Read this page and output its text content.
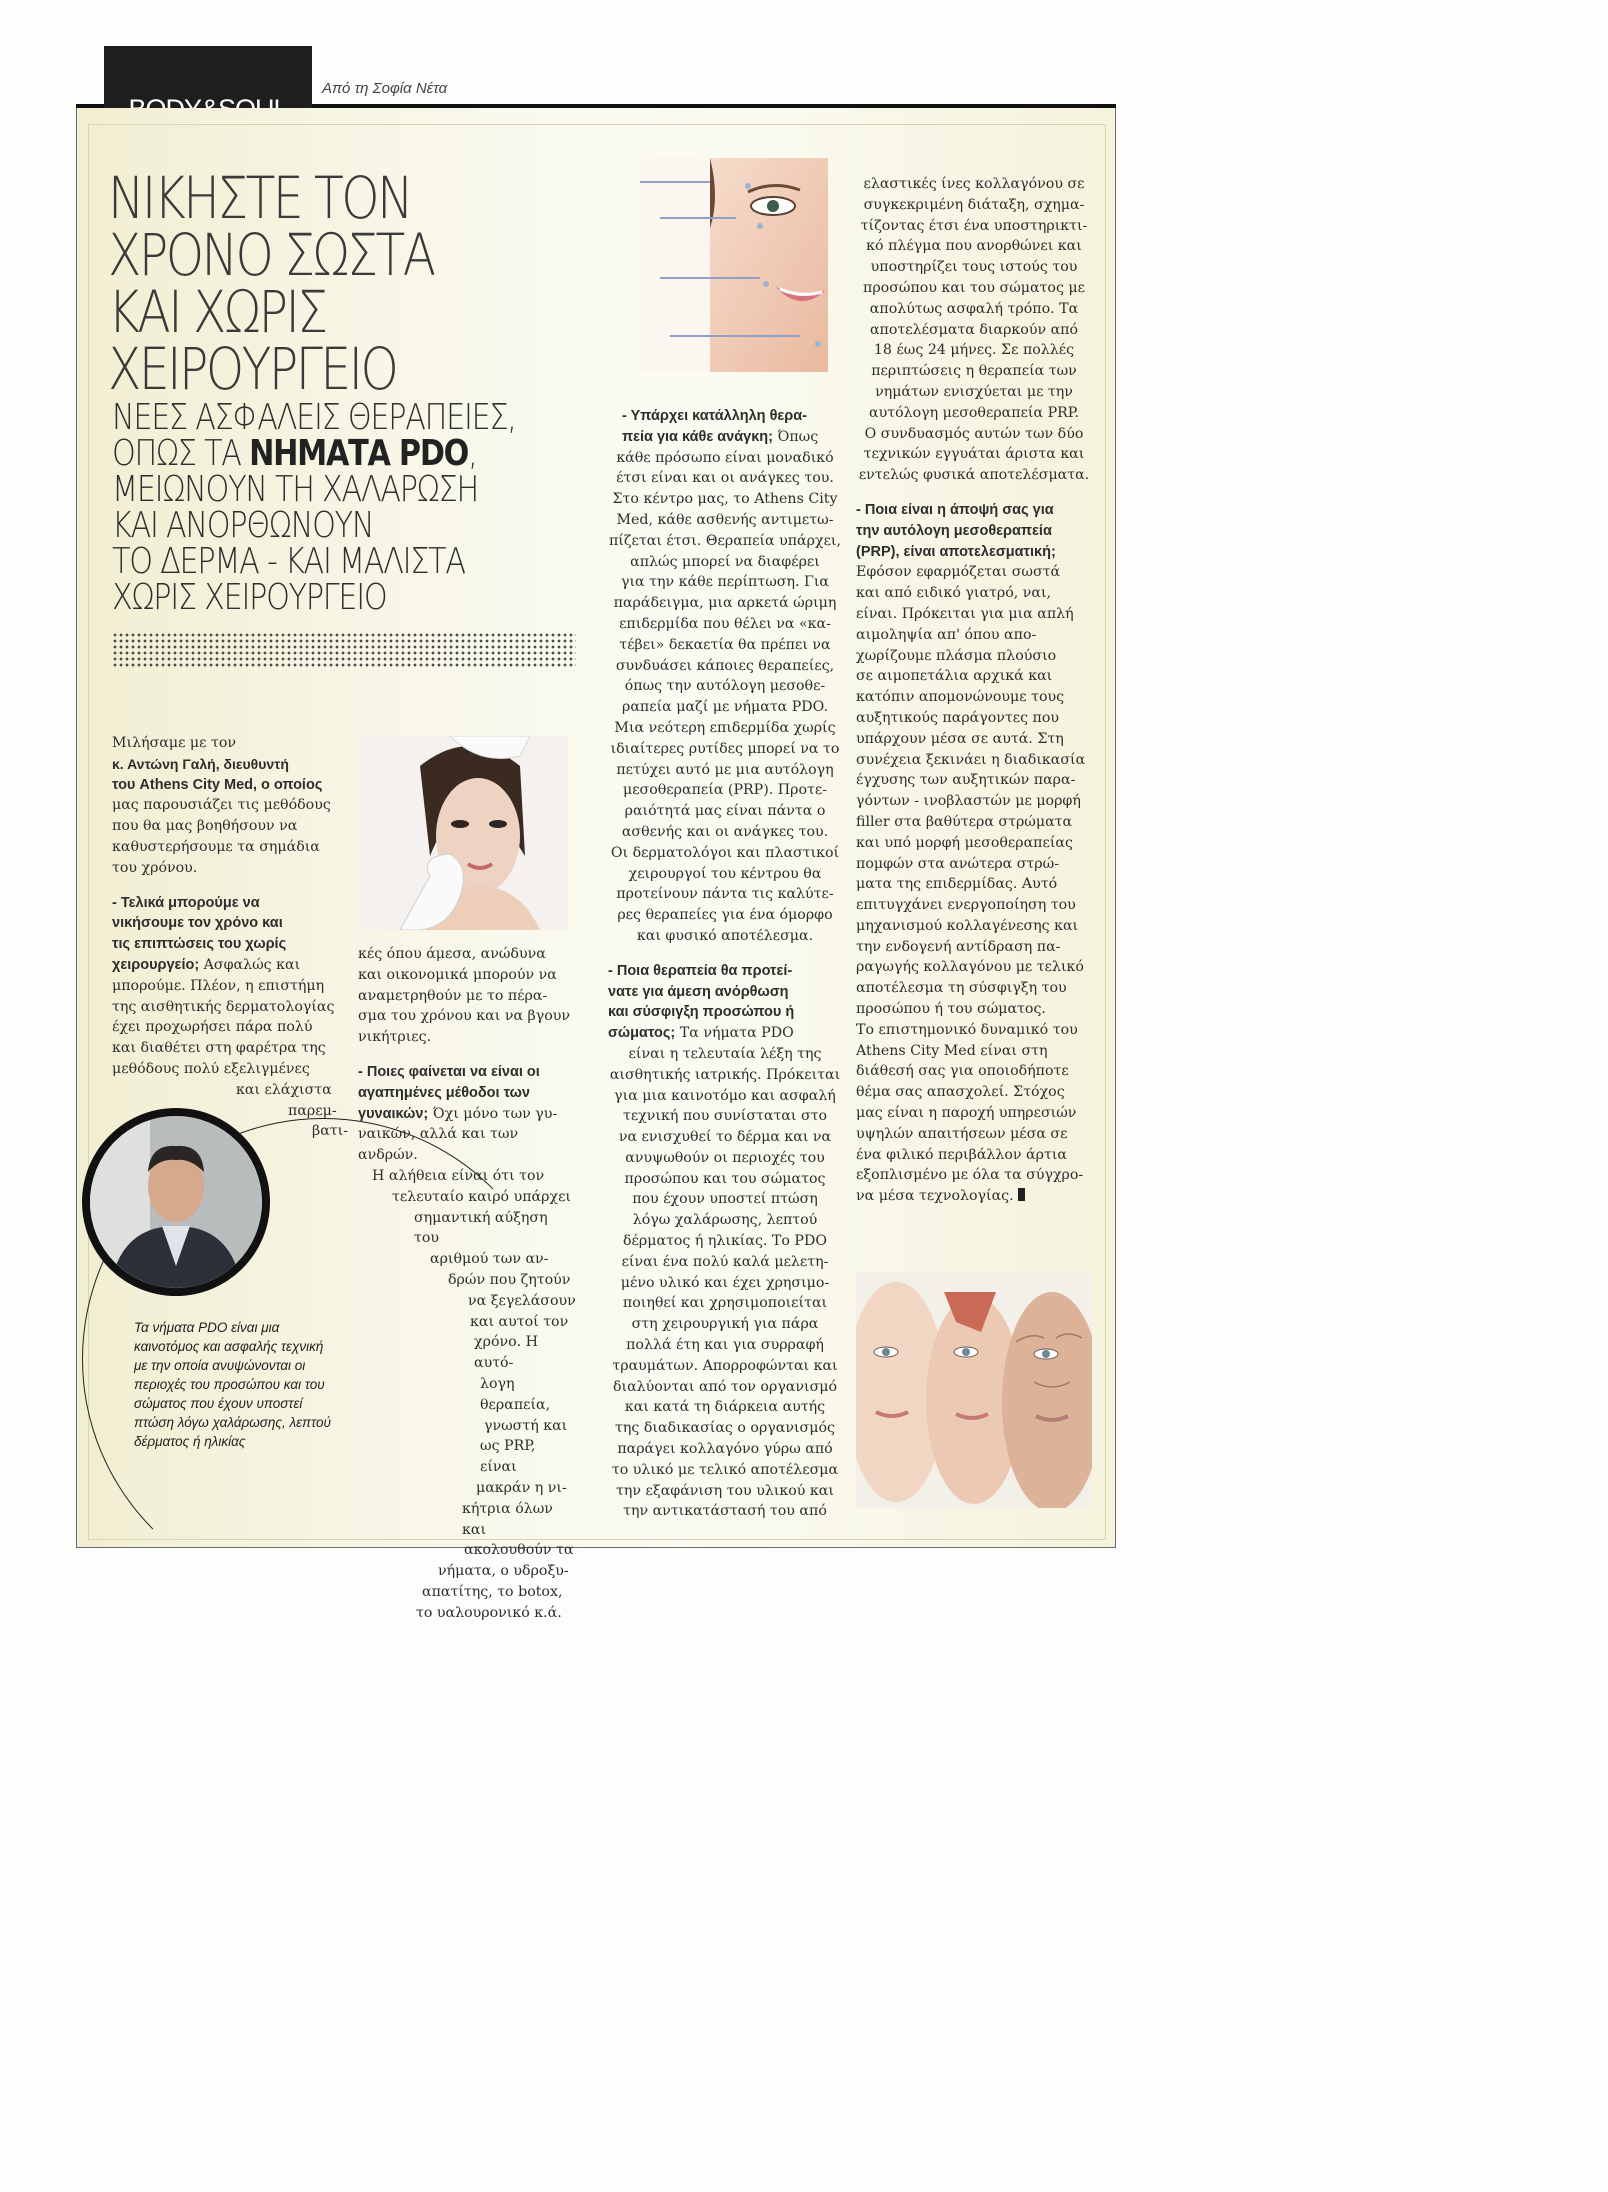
Από τη Σοφία Νέτα
ΝΙΚΗΣΤΕ ΤΟΝ
ΧΡΟΝΟ ΣΩΣΤΑ
ΚΑΙ ΧΩΡΙΣ
ΧΕΙΡΟΥΡΓΕΙΟ
ΝΕΕΣ ΑΣΦΑΛΕΙΣ ΘΕΡΑΠΕΙΕΣ,
ΟΠΩΣ ΤΑ ΝΗΜΑΤΑ PDO,
ΜΕΙΩΝΟΥΝ ΤΗ ΧΑΛΑΡΩΣΗ
ΚΑΙ ΑΝΟΡΘΩΝΟΥΝ
ΤΟ ΔΕΡΜΑ - ΚΑΙ ΜΑΛΙΣΤΑ
ΧΩΡΙΣ ΧΕΙΡΟΥΡΓΕΙΟ
Τα νήματα PDO είναι μια καινοτόμος και ασφαλής τεχνική με την οποία ανυψώνονται οι περιοχές του προσώπου και του σώματος που έχουν υποστεί πτώση λόγω χαλάρωσης, λεπτού δέρματος ή ηλικίας
Μιλήσαμε με τον
κ. Αντώνη Γαλή, διευθυντή
του Athens City Med, ο οποίος
μας παρουσιάζει τις μεθόδους
που θα μας βοηθήσουν να
καθυστερήσουμε τα σημάδια
του χρόνου.
- Τελικά μπορούμε να
νικήσουμε τον χρόνο και
τις επιπτώσεις του χωρίς
χειρουργείο; Ασφαλώς και
μπορούμε. Πλέον, η επιστήμη
της αισθητικής δερματολογίας
έχει προχωρήσει πάρα πολύ
και διαθέτει στη φαρέτρα της
μεθόδους πολύ εξελιγμένες
και ελάχιστα
παρεμ-
βατι-
κές όπου άμεσα, ανώδυνα
και οικονομικά μπορούν να
αναμετρηθούν με το πέρα-
σμα του χρόνου και να βγουν
νικήτριες.
- Ποιες φαίνεται να είναι οι
αγαπημένες μέθοδοι των
γυναικών; Όχι μόνο των γυ-
ναικών, αλλά και των ανδρών.
Η αλήθεια είναι ότι τον
τελευταίο καιρό υπάρχει
σημαντική αύξηση του
αριθμού των αν-
δρών που ζητούν
να ξεγελάσουν
και αυτοί τον
χρόνο. Η αυτό-
λογη θεραπεία,
γνωστή και
ως PRP, είναι
μακράν η νι-
κήτρια όλων και
ακολουθούν τα
νήματα, ο υδροξυ-
απατίτης, το botox,
το υαλουρονικό κ.ά.
- Υπάρχει κατάλληλη θερα-
πεία για κάθε ανάγκη; Όπως
κάθε πρόσωπο είναι μοναδικό
έτσι είναι και οι ανάγκες του.
Στο κέντρο μας, το Athens City
Med, κάθε ασθενής αντιμετω-
πίζεται έτσι. Θεραπεία υπάρχει,
απλώς μπορεί να διαφέρει
για την κάθε περίπτωση. Για
παράδειγμα, μια αρκετά ώριμη
επιδερμίδα που θέλει να «κα-
τέβει» δεκαετία θα πρέπει να
συνδυάσει κάποιες θεραπείες,
όπως την αυτόλογη μεσοθε-
ραπεία μαζί με νήματα PDO.
Μια νεότερη επιδερμίδα χωρίς
ιδιαίτερες ρυτίδες μπορεί να το
πετύχει αυτό με μια αυτόλογη
μεσοθεραπεία (PRP). Προτε-
ραιότητά μας είναι πάντα ο
ασθενής και οι ανάγκες του.
Οι δερματολόγοι και πλαστικοί
χειρουργοί του κέντρου θα
προτείνουν πάντα τις καλύτε-
ρες θεραπείες για ένα όμορφο
και φυσικό αποτέλεσμα.
- Ποια θεραπεία θα προτεί-
νατε για άμεση ανόρθωση
και σύσφιγξη προσώπου ή
σώματος; Τα νήματα PDO
είναι η τελευταία λέξη της
αισθητικής ιατρικής. Πρόκειται
για μια καινοτόμο και ασφαλή
τεχνική που συνίσταται στο
να ενισχυθεί το δέρμα και να
ανυψωθούν οι περιοχές του
προσώπου και του σώματος
που έχουν υποστεί πτώση
λόγω χαλάρωσης, λεπτού
δέρματος ή ηλικίας. Το PDO
είναι ένα πολύ καλά μελετη-
μένο υλικό και έχει χρησιμο-
ποιηθεί και χρησιμοποιείται
στη χειρουργική για πάρα
πολλά έτη και για συρραφή
τραυμάτων. Απορροφώνται και
διαλύονται από τον οργανισμό
και κατά τη διάρκεια αυτής
της διαδικασίας ο οργανισμός
παράγει κολλαγόνο γύρω από
το υλικό με τελικό αποτέλεσμα
την εξαφάνιση του υλικού και
την αντικατάστασή του από
ελαστικές ίνες κολλαγόνου σε
συγκεκριμένη διάταξη, σχημα-
τίζοντας έτσι ένα υποστηρικτι-
κό πλέγμα που ανορθώνει και
υποστηρίζει τους ιστούς του
προσώπου και του σώματος με
απολύτως ασφαλή τρόπο. Τα
αποτελέσματα διαρκούν από
18 έως 24 μήνες. Σε πολλές
περιπτώσεις η θεραπεία των
νημάτων ενισχύεται με την
αυτόλογη μεσοθεραπεία PRP.
Ο συνδυασμός αυτών των δύο
τεχνικών εγγυάται άριστα και
εντελώς φυσικά αποτελέσματα.
- Ποια είναι η άποψή σας για
την αυτόλογη μεσοθεραπεία
(PRP), είναι αποτελεσματική;
Εφόσον εφαρμόζεται σωστά
και από ειδικό γιατρό, ναι,
είναι. Πρόκειται για μια απλή
αιμοληψία απ' όπου απο-
χωρίζουμε πλάσμα πλούσιο
σε αιμοπετάλια αρχικά και
κατόπιν απομονώνουμε τους
αυξητικούς παράγοντες που
υπάρχουν μέσα σε αυτά. Στη
συνέχεια ξεκινάει η διαδικασία
έγχυσης των αυξητικών παρα-
γόντων - ινοβλαστών με μορφή
filler στα βαθύτερα στρώματα
και υπό μορφή μεσοθεραπείας
πομφών στα ανώτερα στρώ-
ματα της επιδερμίδας. Αυτό
επιτυγχάνει ενεργοποίηση του
μηχανισμού κολλαγένεσης και
την ενδογενή αντίδραση πα-
ραγωγής κολλαγόνου με τελικό
αποτέλεσμα τη σύσφιγξη του
προσώπου ή του σώματος.
Το επιστημονικό δυναμικό του
Athens City Med είναι στη
διάθεσή σας για οποιοδήποτε
θέμα σας απασχολεί. Στόχος
μας είναι η παροχή υπηρεσιών
υψηλών απαιτήσεων μέσα σε
ένα φιλικό περιβάλλον άρτια
εξοπλισμένο με όλα τα σύγχρο-
να μέσα τεχνολογίας.
